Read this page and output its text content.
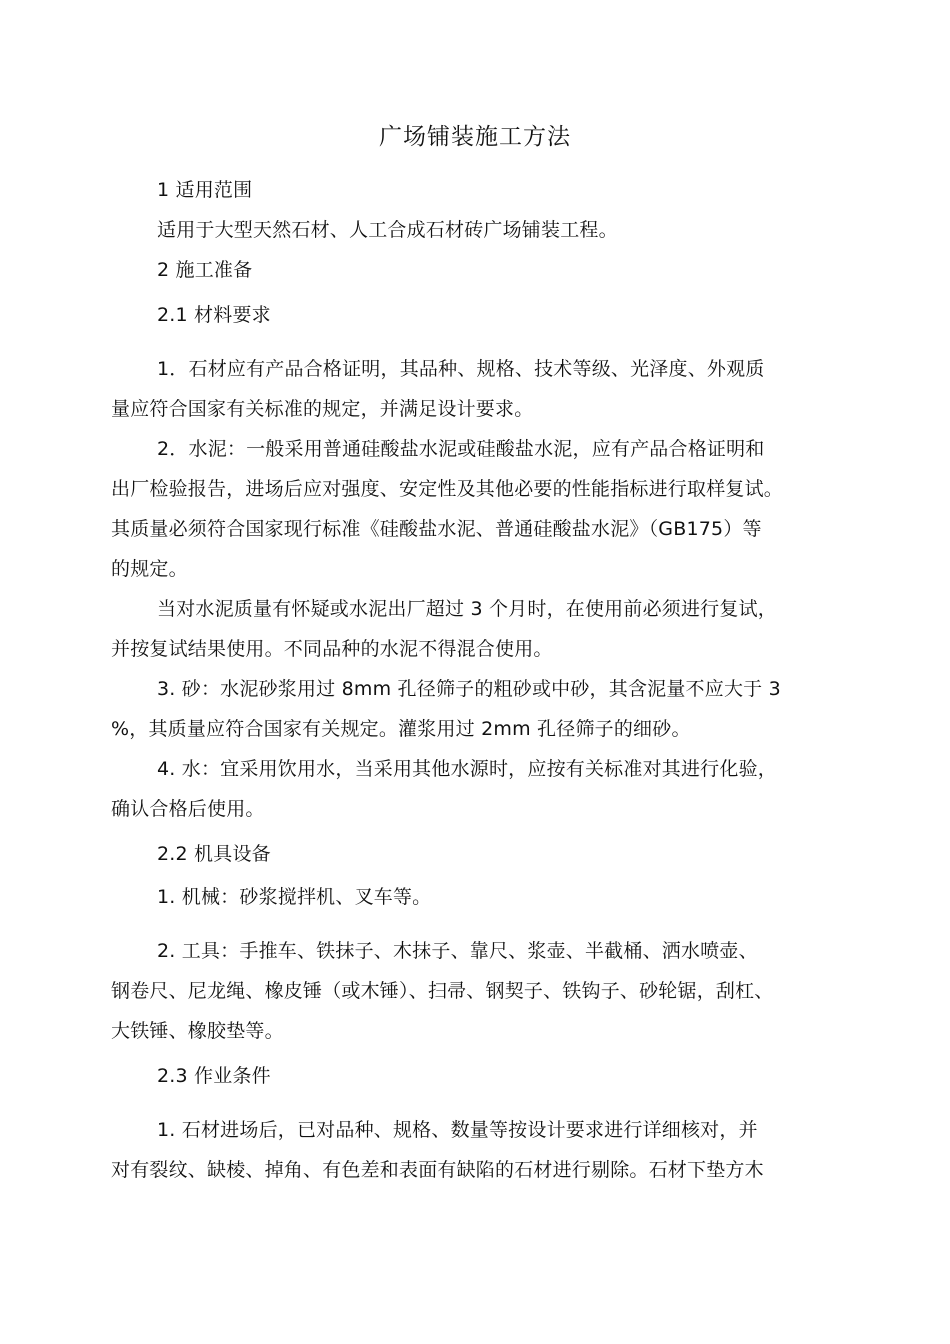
广场铺装施工方法
1 适用范围
适用于大型天然石材、人工合成石材砖广场铺装工程。
2 施工准备
2.1 材料要求
1．石材应有产品合格证明，其品种、规格、技术等级、光泽度、外观质
量应符合国家有关标准的规定，并满足设计要求。
2．水泥：一般采用普通硅酸盐水泥或硅酸盐水泥，应有产品合格证明和
出厂检验报告，进场后应对强度、安定性及其他必要的性能指标进行取样复试。
其质量必须符合国家现行标准《硅酸盐水泥、普通硅酸盐水泥》（GB175）等
的规定。
当对水泥质量有怀疑或水泥出厂超过 3 个月时，在使用前必须进行复试，
并按复试结果使用。不同品种的水泥不得混合使用。
3. 砂：水泥砂浆用过 8mm 孔径筛子的粗砂或中砂，其含泥量不应大于 3
%，其质量应符合国家有关规定。灌浆用过 2mm 孔径筛子的细砂。
4. 水：宜采用饮用水，当采用其他水源时，应按有关标准对其进行化验，
确认合格后使用。
2.2 机具设备
1. 机械：砂浆搅拌机、叉车等。
2. 工具：手推车、铁抹子、木抹子、靠尺、浆壶、半截桶、洒水喷壶、
钢卷尺、尼龙绳、橡皮锤（或木锤）、扫帚、钢契子、铁钩子、砂轮锯，刮杠、
大铁锤、橡胶垫等。
2.3 作业条件
1. 石材进场后，已对品种、规格、数量等按设计要求进行详细核对，并
对有裂纹、缺棱、掉角、有色差和表面有缺陷的石材进行剔除。石材下垫方木
